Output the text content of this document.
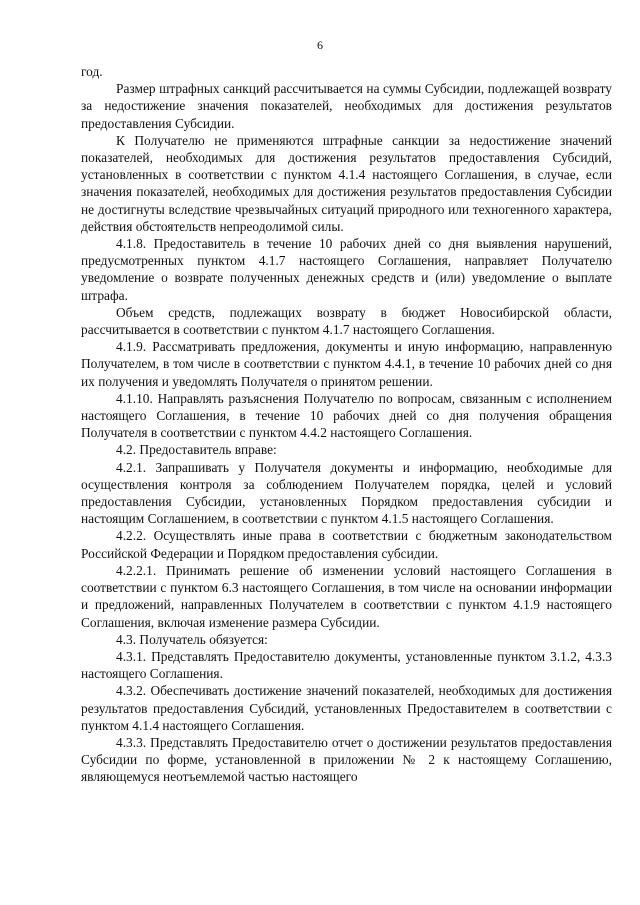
6

год.

Размер штрафных санкций рассчитывается на суммы Субсидии, подлежащей возврату за недостижение значения показателей, необходимых для достижения результатов предоставления Субсидии.

К Получателю не применяются штрафные санкции за недостижение значений показателей, необходимых для достижения результатов предоставления Субсидий, установленных в соответствии с пунктом 4.1.4 настоящего Соглашения, в случае, если значения показателей, необходимых для достижения результатов предоставления Субсидии не достигнуты вследствие чрезвычайных ситуаций природного или техногенного характера, действия обстоятельств непреодолимой силы.

4.1.8. Предоставитель в течение 10 рабочих дней со дня выявления нарушений, предусмотренных пунктом 4.1.7 настоящего Соглашения, направляет Получателю уведомление о возврате полученных денежных средств и (или) уведомление о выплате штрафа.

Объем средств, подлежащих возврату в бюджет Новосибирской области, рассчитывается в соответствии с пунктом 4.1.7 настоящего Соглашения.

4.1.9. Рассматривать предложения, документы и иную информацию, направленную Получателем, в том числе в соответствии с пунктом 4.4.1, в течение 10 рабочих дней со дня их получения и уведомлять Получателя о принятом решении.

4.1.10. Направлять разъяснения Получателю по вопросам, связанным с исполнением настоящего Соглашения, в течение 10 рабочих дней со дня получения обращения Получателя в соответствии с пунктом 4.4.2 настоящего Соглашения.

4.2. Предоставитель вправе:

4.2.1. Запрашивать у Получателя документы и информацию, необходимые для осуществления контроля за соблюдением Получателем порядка, целей и условий предоставления Субсидии, установленных Порядком предоставления субсидии и настоящим Соглашением, в соответствии с пунктом 4.1.5 настоящего Соглашения.

4.2.2. Осуществлять иные права в соответствии с бюджетным законодательством Российской Федерации и Порядком предоставления субсидии.

4.2.2.1. Принимать решение об изменении условий настоящего Соглашения в соответствии с пунктом 6.3 настоящего Соглашения, в том числе на основании информации и предложений, направленных Получателем в соответствии с пунктом 4.1.9 настоящего Соглашения, включая изменение размера Субсидии.

4.3. Получатель обязуется:

4.3.1. Представлять Предоставителю документы, установленные пунктом 3.1.2, 4.3.3 настоящего Соглашения.

4.3.2. Обеспечивать достижение значений показателей, необходимых для достижения результатов предоставления Субсидий, установленных Предоставителем в соответствии с пунктом 4.1.4 настоящего Соглашения.

4.3.3. Представлять Предоставителю отчет о достижении результатов предоставления Субсидии по форме, установленной в приложении № 2 к настоящему Соглашению, являющемуся неотъемлемой частью настоящего
